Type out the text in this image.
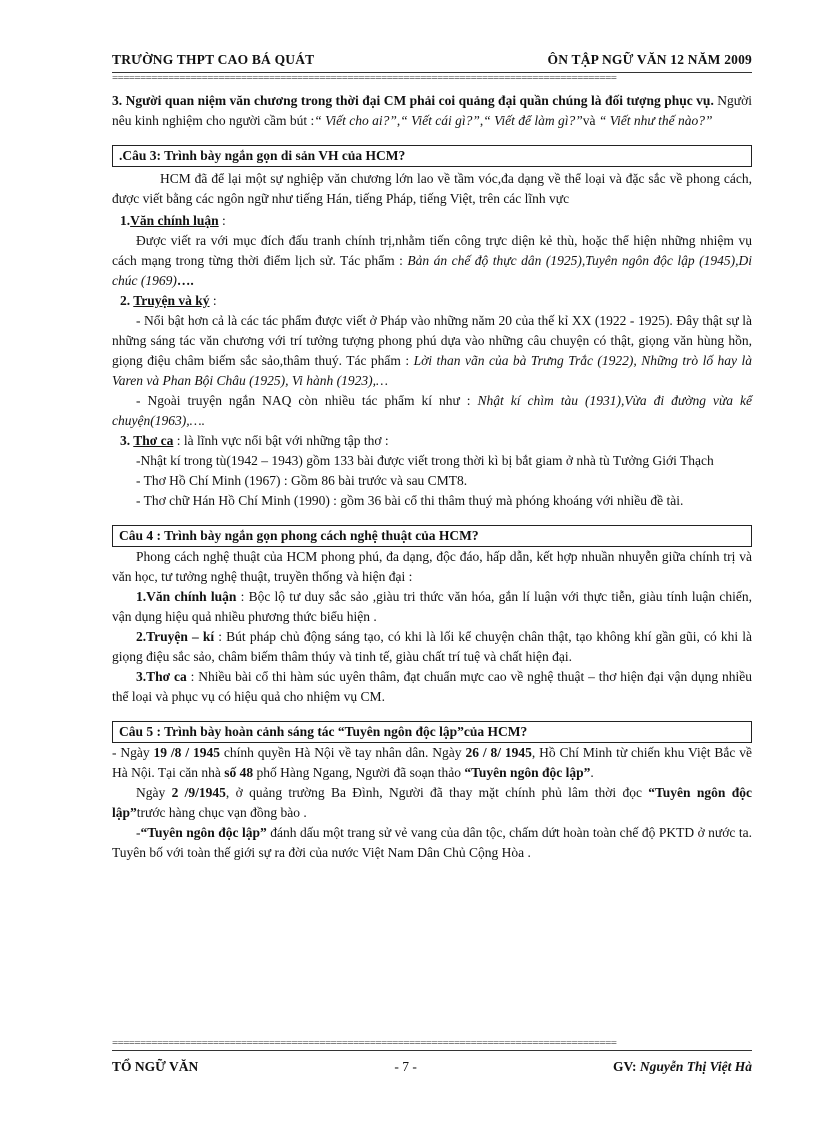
TRƯỜNG THPT CAO BÁ QUÁT	ÔN TẬP NGỮ VĂN 12 NĂM 2009
==========================================================================================

3. Người quan niệm văn chương trong thời đại CM phải coi quảng đại quần chúng là đối tượng phục vụ. Người nêu kinh nghiệm cho người cầm bút :“ Viết cho ai?”,“ Viết cái gì?”,“ Viết để làm gì?”và “ Viết như thế nào?”

.Câu 3: Trình bày ngắn gọn di sản VH của HCM?

HCM đã để lại một sự nghiệp văn chương lớn lao về tầm vóc,đa dạng về thể loại và đặc sắc về phong cách, được viết bằng các ngôn ngữ như tiếng Hán, tiếng Pháp, tiếng Việt, trên các lĩnh vực

1.Văn chính luận :

Được viết ra với mục đích đấu tranh chính trị,nhằm tiến công trực diện kẻ thù, hoặc thể hiện những nhiệm vụ cách mạng trong từng thời điểm lịch sử. Tác phẩm : Bản án chế độ thực dân (1925),Tuyên ngôn độc lập (1945),Di chúc (1969)….

2. Truyện và ký :

- Nổi bật hơn cả là các tác phẩm được viết ở Pháp vào những năm 20 của thế kỉ XX (1922 - 1925). Đây thật sự là những sáng tác văn chương với trí tưởng tượng phong phú dựa vào những câu chuyện có thật, giọng văn hùng hồn, giọng điệu châm biếm sắc sảo,thâm thuý. Tác phẩm : Lời than vãn của bà Trưng Trắc (1922), Những trò lố hay là Varen và Phan Bội Châu (1925), Vi hành (1923),…

- Ngoài truyện ngắn NAQ còn nhiều tác phẩm kí như : Nhật kí chìm tàu (1931),Vừa đi đường vừa kể chuyện(1963),….

3. Thơ ca : là lĩnh vực nổi bật với những tập thơ :

-Nhật kí trong tù(1942 – 1943) gồm 133 bài được viết trong thời kì bị bắt giam ở nhà tù Tưởng Giới Thạch

- Thơ Hồ Chí Minh (1967) : Gồm 86 bài trước và sau CMT8.

- Thơ chữ Hán Hồ Chí Minh (1990) : gồm 36 bài cổ thi thâm thuý mà phóng khoáng với nhiều đề tài.

Câu 4 : Trình bày ngắn gọn phong cách nghệ thuật của HCM?

Phong cách nghệ thuật của HCM phong phú, đa dạng, độc đáo, hấp dẫn, kết hợp nhuần nhuyễn giữa chính trị và văn học, tư tưởng nghệ thuật, truyền thống và hiện đại :

1.Văn chính luận : Bộc lộ tư duy sắc sảo ,giàu tri thức văn hóa, gắn lí luận với thực tiễn, giàu tính luận chiến, vận dụng hiệu quả nhiều phương thức biểu hiện .

2.Truyện – kí : Bút pháp chủ động sáng tạo, có khi là lối kể chuyện chân thật, tạo không khí gần gũi, có khi là giọng điệu sắc sảo, châm biếm thâm thúy và tinh tế, giàu chất trí tuệ và chất hiện đại.

3.Thơ ca : Nhiều bài cổ thi hàm súc uyên thâm, đạt chuẩn mực cao về nghệ thuật – thơ hiện đại vận dụng nhiều thể loại và phục vụ có hiệu quả cho nhiệm vụ CM.

Câu 5 : Trình bày hoàn cảnh sáng tác “Tuyên ngôn độc lập”của HCM?

- Ngày 19 /8 / 1945 chính quyền Hà Nội về tay nhân dân. Ngày 26 / 8/ 1945, Hồ Chí Minh từ chiến khu Việt Bắc về Hà Nội. Tại căn nhà số 48 phố Hàng Ngang, Người đã soạn thảo “Tuyên ngôn độc lập”.

Ngày 2 /9/1945, ở quảng trường Ba Đình, Người đã thay mặt chính phủ lâm thời đọc “Tuyên ngôn độc lập”trước hàng chục vạn đồng bào .

-“Tuyên ngôn độc lập” đánh dấu một trang sử vẻ vang của dân tộc, chấm dứt hoàn toàn chế độ PKTD ở nước ta. Tuyên bố với toàn thế giới sự ra đời của nước Việt Nam Dân Chủ Cộng Hòa .

==========================================================================================
TỔ NGỮ VĂN	- 7 -	GV: Nguyễn Thị Việt Hà
